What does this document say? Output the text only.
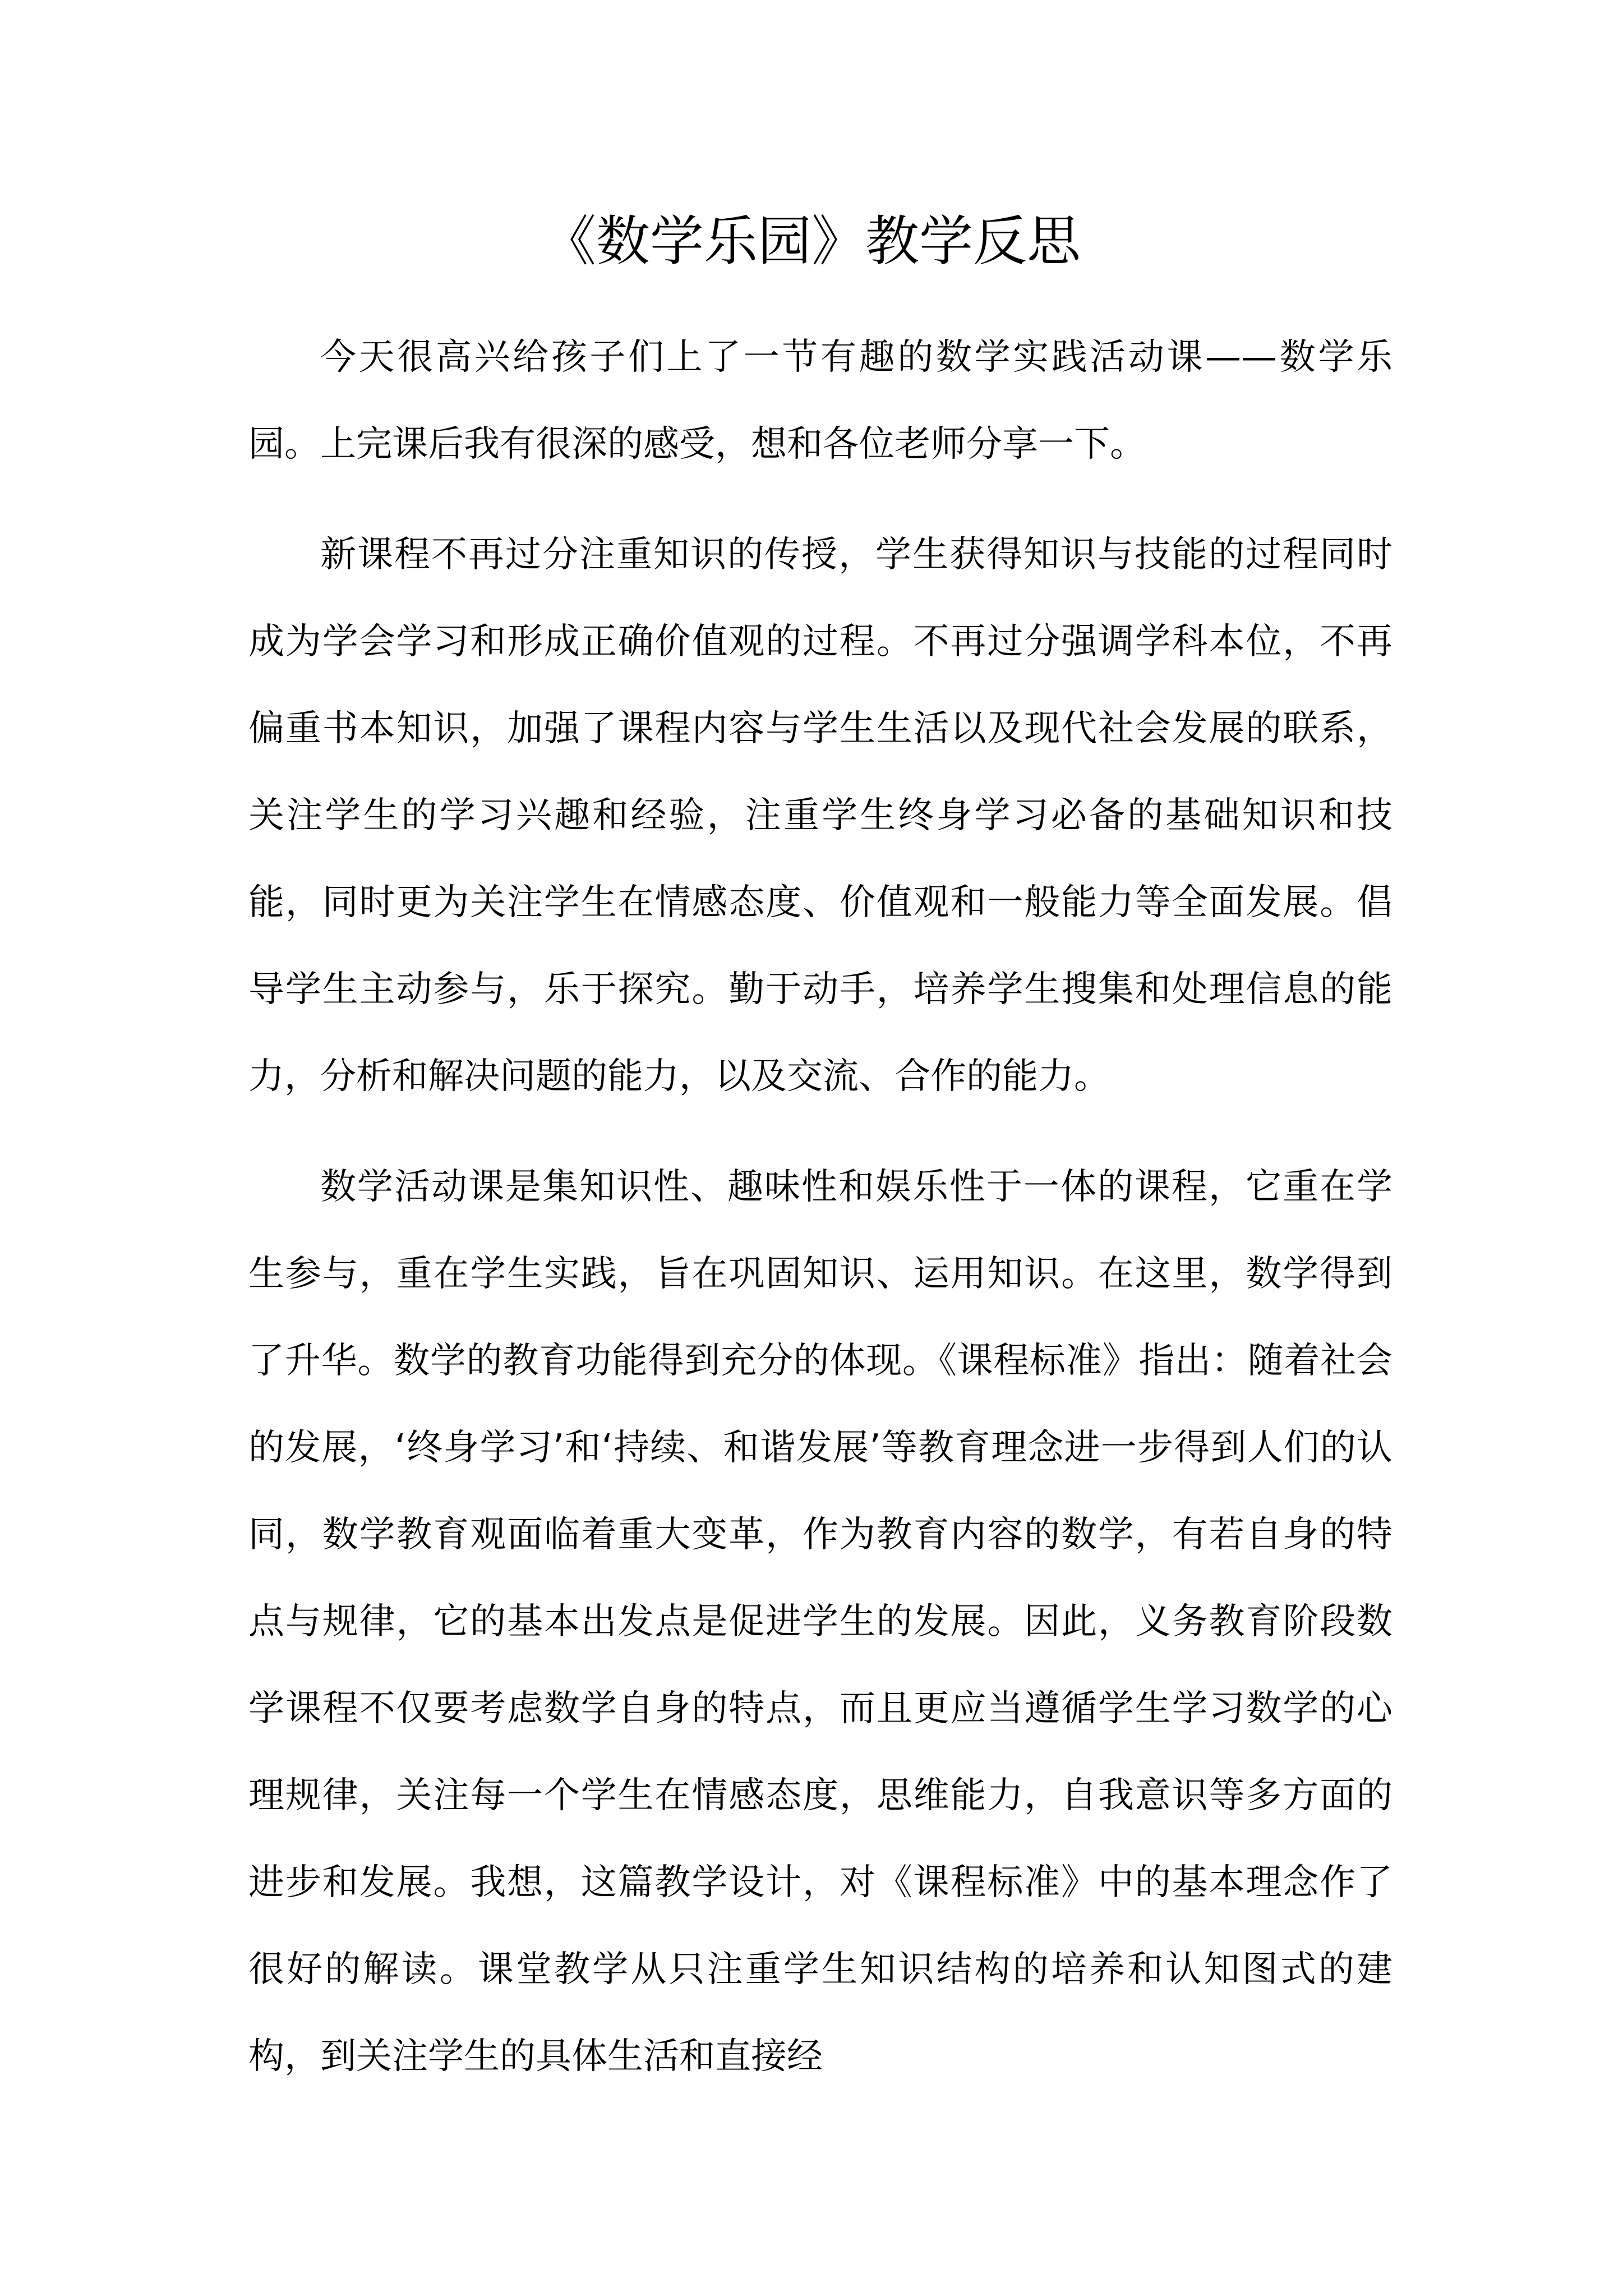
《数学乐园》教学反思

今天很高兴给孩子们上了一节有趣的数学实践活动课——数学乐园。上完课后我有很深的感受，想和各位老师分享一下。

新课程不再过分注重知识的传授，学生获得知识与技能的过程同时成为学会学习和形成正确价值观的过程。不再过分强调学科本位，不再偏重书本知识，加强了课程内容与学生生活以及现代社会发展的联系，关注学生的学习兴趣和经验，注重学生终身学习必备的基础知识和技能，同时更为关注学生在情感态度、价值观和一般能力等全面发展。倡导学生主动参与，乐于探究。勤于动手，培养学生搜集和处理信息的能力，分析和解决问题的能力，以及交流、合作的能力。

数学活动课是集知识性、趣味性和娱乐性于一体的课程，它重在学生参与，重在学生实践，旨在巩固知识、运用知识。在这里，数学得到了升华。数学的教育功能得到充分的体现。《课程标准》指出：随着社会的发展，‘终身学习’和‘持续、和谐发展’等教育理念进一步得到人们的认同，数学教育观面临着重大变革，作为教育内容的数学，有若自身的特点与规律，它的基本出发点是促进学生的发展。因此，义务教育阶段数学课程不仅要考虑数学自身的特点，而且更应当遵循学生学习数学的心理规律，关注每一个学生在情感态度，思维能力，自我意识等多方面的进步和发展。我想，这篇教学设计，对《课程标准》中的基本理念作了很好的解读。课堂教学从只注重学生知识结构的培养和认知图式的建构，到关注学生的具体生活和直接经
